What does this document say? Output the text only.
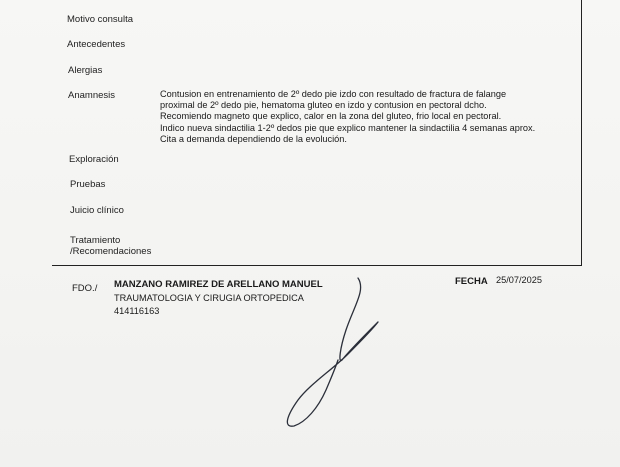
Motivo consulta
Antecedentes
Alergias
Anamnesis
Exploración
Pruebas
Juicio clínico
Tratamiento
/Recomendaciones
Contusion en entrenamiento de 2º dedo pie izdo con resultado de fractura de falange
proximal de 2º dedo pie, hematoma gluteo en izdo y contusion en pectoral dcho.
Recomiendo magneto que explico, calor en la zona del gluteo, frio local en pectoral.
Indico nueva sindactilia 1-2º dedos pie que explico mantener la sindactilia 4 semanas aprox.
Cita a demanda dependiendo de la evolución.
FDO./ MANZANO RAMIREZ DE ARELLANO MANUEL
TRAUMATOLOGIA Y CIRUGIA ORTOPEDICA
414116163
FECHA 25/07/2025
